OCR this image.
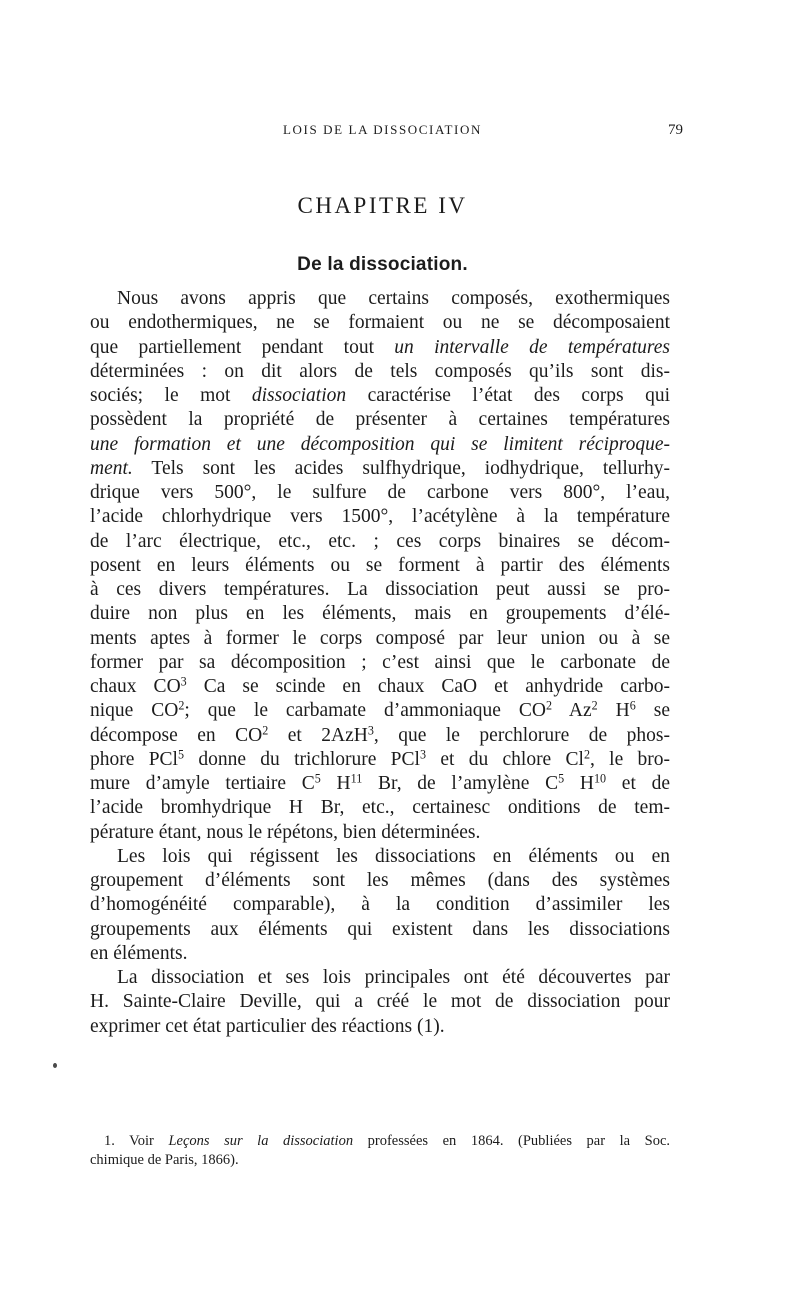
LOIS DE LA DISSOCIATION	79
CHAPITRE IV
De la dissociation.
Nous avons appris que certains composés, exothermiques
ou endothermiques, ne se formaient ou ne se décomposaient
que partiellement pendant tout un intervalle de températures
déterminées : on dit alors de tels composés qu’ils sont dis-
sociés; le mot dissociation caractérise l’état des corps qui
possèdent la propriété de présenter à certaines températures
une formation et une décomposition qui se limitent réciproque-
ment. Tels sont les acides sulfhydrique, iodhydrique, tellurhy-
drique vers 500°, le sulfure de carbone vers 800°, l’eau,
l’acide chlorhydrique vers 1500°, l’acétylène à la température
de l’arc électrique, etc., etc. ; ces corps binaires se décom-
posent en leurs éléments ou se forment à partir des éléments
à ces divers températures. La dissociation peut aussi se pro-
duire non plus en les éléments, mais en groupements d’élé-
ments aptes à former le corps composé par leur union ou à se
former par sa décomposition ; c’est ainsi que le carbonate de
chaux $CO^3$ Ca se scinde en chaux CaO et anhydride carbo-
nique $CO^2$; que le carbamate d’ammoniaque $CO^2$ Az$^2$ $H^6$ se
décompose en $CO^2$ et 2AzH$^3$, que le perchlorure de phos-
phore PCl$^5$ donne du trichlorure PCl$^3$ et du chlore Cl$^2$, le bro-
mure d’amyle tertiaire $C^5$ $H^{11}$ Br, de l’amylène $C^5$ $H^{10}$ et de
l’acide bromhydrique H Br, etc., certainesc onditions de tem-
pérature étant, nous le répétons, bien déterminées.
Les lois qui régissent les dissociations en éléments ou en
groupement d’éléments sont les mêmes (dans des systèmes
d’homogénéité comparable), à la condition d’assimiler les
groupements aux éléments qui existent dans les dissociations
en éléments.
La dissociation et ses lois principales ont été découvertes par
H. Sainte-Claire Deville, qui a créé le mot de dissociation pour
exprimer cet état particulier des réactions (1).
1. Voir Leçons sur la dissociation professées en 1864. (Publiées par la Soc.
chimique de Paris, 1866).
